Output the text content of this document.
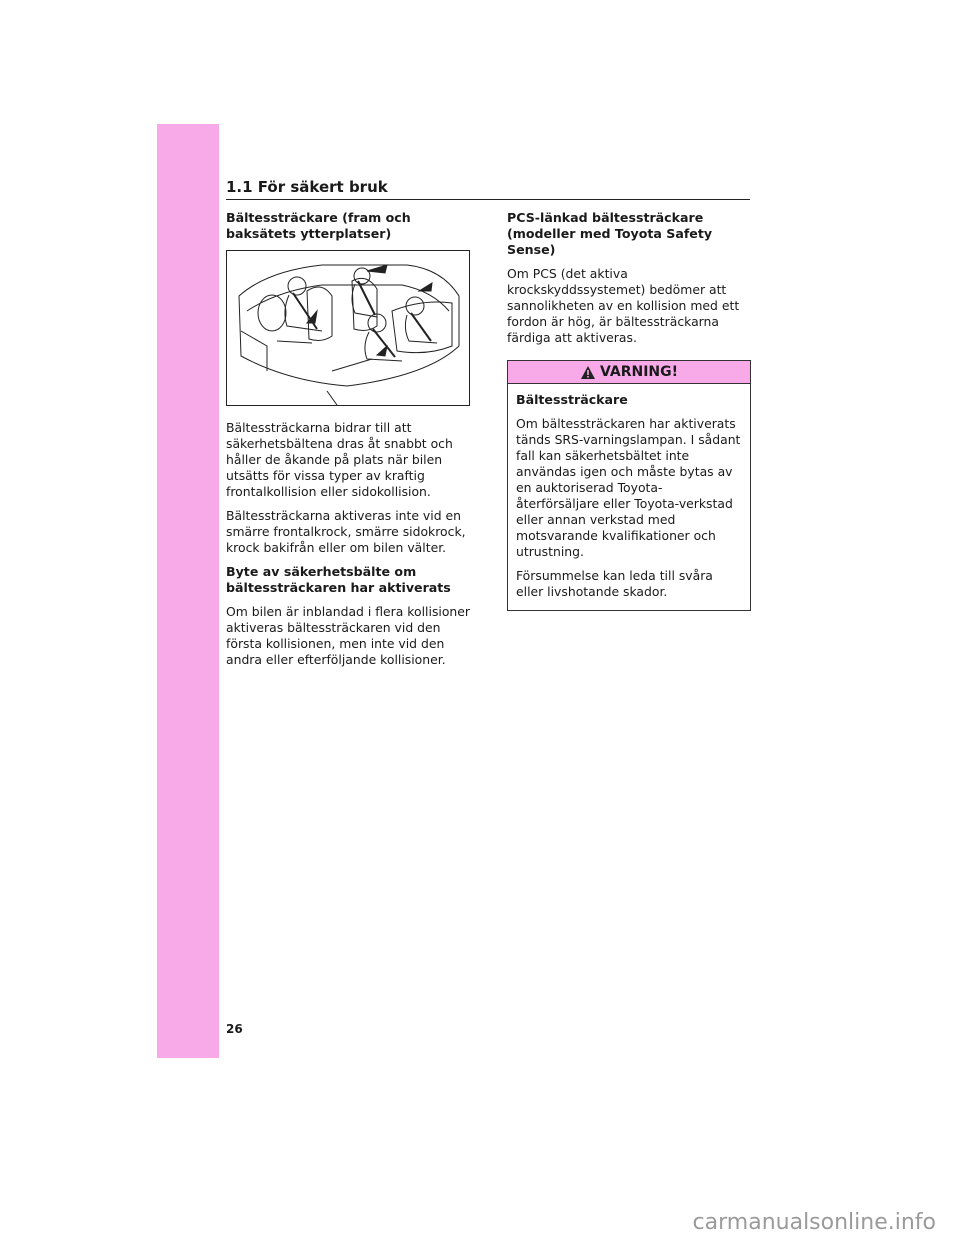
1.1 För säkert bruk
Bältessträckare (fram och baksätets ytterplatser)

Bältessträckarna bidrar till att säkerhetsbältena dras åt snabbt och håller de åkande på plats när bilen utsätts för vissa typer av kraftig frontalkollision eller sidokollision.

Bältessträckarna aktiveras inte vid en smärre frontalkrock, smärre sidokrock, krock bakifrån eller om bilen välter.

Byte av säkerhetsbälte om bältessträckaren har aktiverats

Om bilen är inblandad i flera kollisioner aktiveras bältessträckaren vid den första kollisionen, men inte vid den andra eller efterföljande kollisioner.

PCS-länkad bältessträckare (modeller med Toyota Safety Sense)

Om PCS (det aktiva krockskyddssystemet) bedömer att sannolikheten av en kollision med ett fordon är hög, är bältessträckarna färdiga att aktiveras.

VARNING!
Bältessträckare

Om bältessträckaren har aktiverats tänds SRS-varningslampan. I sådant fall kan säkerhetsbältet inte användas igen och måste bytas av en auktoriserad Toyota-återförsäljare eller Toyota-verkstad eller annan verkstad med motsvarande kvalifikationer och utrustning.

Försummelse kan leda till svåra eller livshotande skador.

26
carmanualsonline.info
